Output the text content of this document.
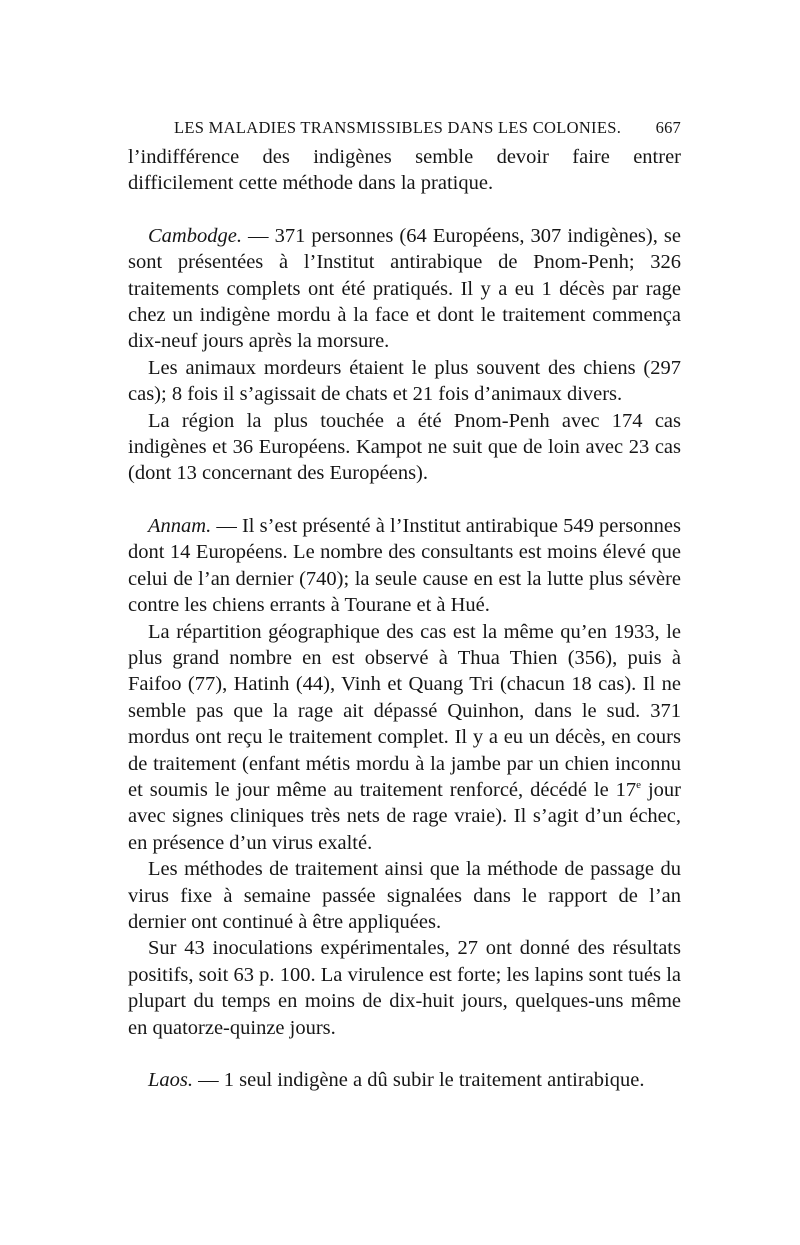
LES MALADIES TRANSMISSIBLES DANS LES COLONIES. 667

l’indifférence des indigènes semble devoir faire entrer difficilement cette méthode dans la pratique.

Cambodge. — 371 personnes (64 Européens, 307 indigènes), se sont présentées à l’Institut antirabique de Pnom-Penh; 326 traitements complets ont été pratiqués. Il y a eu 1 décès par rage chez un indigène mordu à la face et dont le traitement commença dix-neuf jours après la morsure.

Les animaux mordeurs étaient le plus souvent des chiens (297 cas); 8 fois il s’agissait de chats et 21 fois d’animaux divers.

La région la plus touchée a été Pnom-Penh avec 174 cas indigènes et 36 Européens. Kampot ne suit que de loin avec 23 cas (dont 13 concernant des Européens).

Annam. — Il s’est présenté à l’Institut antirabique 549 personnes dont 14 Européens. Le nombre des consultants est moins élevé que celui de l’an dernier (740); la seule cause en est la lutte plus sévère contre les chiens errants à Tourane et à Hué.

La répartition géographique des cas est la même qu’en 1933, le plus grand nombre en est observé à Thua Thien (356), puis à Faifoo (77), Hatinh (44), Vinh et Quang Tri (chacun 18 cas). Il ne semble pas que la rage ait dépassé Quinhon, dans le sud. 371 mordus ont reçu le traitement complet. Il y a eu un décès, en cours de traitement (enfant métis mordu à la jambe par un chien inconnu et soumis le jour même au traitement renforcé, décédé le 17e jour avec signes cliniques très nets de rage vraie). Il s’agit d’un échec, en présence d’un virus exalté.

Les méthodes de traitement ainsi que la méthode de passage du virus fixe à semaine passée signalées dans le rapport de l’an dernier ont continué à être appliquées.

Sur 43 inoculations expérimentales, 27 ont donné des résultats positifs, soit 63 p. 100. La virulence est forte; les lapins sont tués la plupart du temps en moins de dix-huit jours, quelques-uns même en quatorze-quinze jours.

Laos. — 1 seul indigène a dû subir le traitement antirabique.
